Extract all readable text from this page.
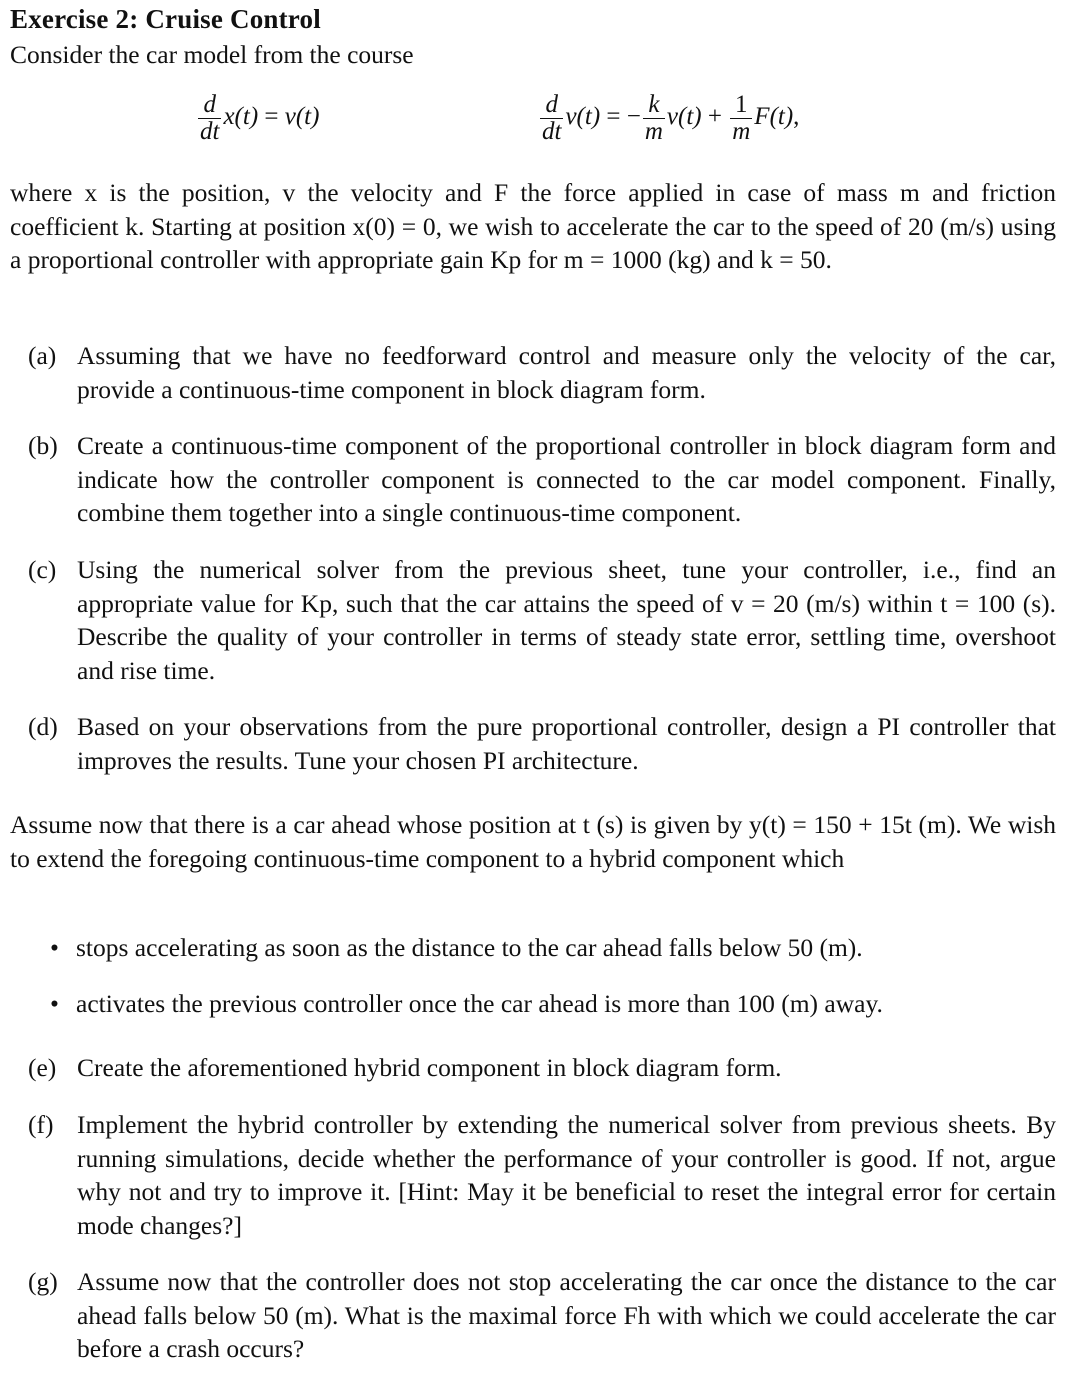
Exercise 2: Cruise Control
Consider the car model from the course
$\frac{d}{dt} x(t) = v(t)$	$\frac{d}{dt} v(t)$ = − $\frac{k}{m} v(t) + \frac{1}{m} F(t)$,
where x is the position, v the velocity and F the force applied in case of mass m and friction coefficient k. Starting at position x(0) = 0, we wish to accelerate the car to the speed of 20 (m/s) using a proportional controller with appropriate gain Kp for m = 1000 (kg) and k = 50.
(a) Assuming that we have no feedforward control and measure only the velocity of the car, provide a continuous-time component in block diagram form.
(b) Create a continuous-time component of the proportional controller in block diagram form and indicate how the controller component is connected to the car model component. Finally, combine them together into a single continuous-time component.
(c) Using the numerical solver from the previous sheet, tune your controller, i.e., find an appropriate value for Kp, such that the car attains the speed of v = 20 (m/s) within t = 100 (s). Describe the quality of your controller in terms of steady state error, settling time, overshoot and rise time.
(d) Based on your observations from the pure proportional controller, design a PI controller that improves the results. Tune your chosen PI architecture.
Assume now that there is a car ahead whose position at t (s) is given by y(t) = 150 + 15t (m). We wish to extend the foregoing continuous-time component to a hybrid component which
• stops accelerating as soon as the distance to the car ahead falls below 50 (m).
• activates the previous controller once the car ahead is more than 100 (m) away.
(e) Create the aforementioned hybrid component in block diagram form.
(f) Implement the hybrid controller by extending the numerical solver from previous sheets. By running simulations, decide whether the performance of your controller is good. If not, argue why not and try to improve it. [Hint: May it be beneficial to reset the integral error for certain mode changes?]
(g) Assume now that the controller does not stop accelerating the car once the distance to the car ahead falls below 50 (m). What is the maximal force Fh with which we could accelerate the car before a crash occurs?
